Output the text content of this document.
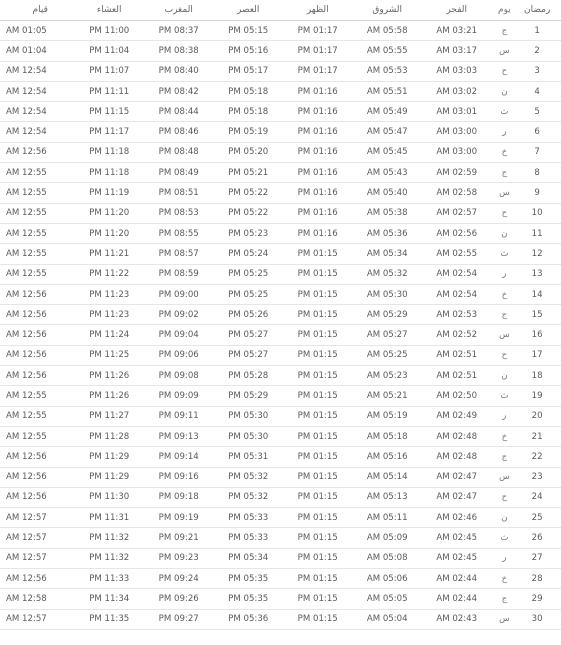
رمضان
يوم
الفجر
الشروق
الظهر
العصر
المغرب
العشاء
قيام
1
ج
AM 03:21
AM 05:58
PM 01:17
PM 05:15
PM 08:37
PM 11:00
AM 01:05
2
س
AM 03:17
AM 05:55
PM 01:17
PM 05:16
PM 08:38
PM 11:04
AM 01:04
3
ح
AM 03:03
AM 05:53
PM 01:17
PM 05:17
PM 08:40
PM 11:07
AM 12:54
4
ن
AM 03:02
AM 05:51
PM 01:16
PM 05:18
PM 08:42
PM 11:11
AM 12:54
5
ث
AM 03:01
AM 05:49
PM 01:16
PM 05:18
PM 08:44
PM 11:15
AM 12:54
6
ر
AM 03:00
AM 05:47
PM 01:16
PM 05:19
PM 08:46
PM 11:17
AM 12:54
7
خ
AM 03:00
AM 05:45
PM 01:16
PM 05:20
PM 08:48
PM 11:18
AM 12:56
8
ج
AM 02:59
AM 05:43
PM 01:16
PM 05:21
PM 08:49
PM 11:18
AM 12:55
9
س
AM 02:58
AM 05:40
PM 01:16
PM 05:22
PM 08:51
PM 11:19
AM 12:55
10
ح
AM 02:57
AM 05:38
PM 01:16
PM 05:22
PM 08:53
PM 11:20
AM 12:55
11
ن
AM 02:56
AM 05:36
PM 01:16
PM 05:23
PM 08:55
PM 11:20
AM 12:55
12
ث
AM 02:55
AM 05:34
PM 01:15
PM 05:24
PM 08:57
PM 11:21
AM 12:55
13
ر
AM 02:54
AM 05:32
PM 01:15
PM 05:25
PM 08:59
PM 11:22
AM 12:55
14
خ
AM 02:54
AM 05:30
PM 01:15
PM 05:25
PM 09:00
PM 11:23
AM 12:56
15
ج
AM 02:53
AM 05:29
PM 01:15
PM 05:26
PM 09:02
PM 11:23
AM 12:56
16
س
AM 02:52
AM 05:27
PM 01:15
PM 05:27
PM 09:04
PM 11:24
AM 12:56
17
ح
AM 02:51
AM 05:25
PM 01:15
PM 05:27
PM 09:06
PM 11:25
AM 12:56
18
ن
AM 02:51
AM 05:23
PM 01:15
PM 05:28
PM 09:08
PM 11:26
AM 12:56
19
ث
AM 02:50
AM 05:21
PM 01:15
PM 05:29
PM 09:09
PM 11:26
AM 12:55
20
ر
AM 02:49
AM 05:19
PM 01:15
PM 05:30
PM 09:11
PM 11:27
AM 12:55
21
خ
AM 02:48
AM 05:18
PM 01:15
PM 05:30
PM 09:13
PM 11:28
AM 12:55
22
ج
AM 02:48
AM 05:16
PM 01:15
PM 05:31
PM 09:14
PM 11:29
AM 12:56
23
س
AM 02:47
AM 05:14
PM 01:15
PM 05:32
PM 09:16
PM 11:29
AM 12:56
24
ح
AM 02:47
AM 05:13
PM 01:15
PM 05:32
PM 09:18
PM 11:30
AM 12:56
25
ن
AM 02:46
AM 05:11
PM 01:15
PM 05:33
PM 09:19
PM 11:31
AM 12:57
26
ث
AM 02:45
AM 05:09
PM 01:15
PM 05:33
PM 09:21
PM 11:32
AM 12:57
27
ر
AM 02:45
AM 05:08
PM 01:15
PM 05:34
PM 09:23
PM 11:32
AM 12:57
28
خ
AM 02:44
AM 05:06
PM 01:15
PM 05:35
PM 09:24
PM 11:33
AM 12:56
29
ج
AM 02:44
AM 05:05
PM 01:15
PM 05:35
PM 09:26
PM 11:34
AM 12:58
30
س
AM 02:43
AM 05:04
PM 01:15
PM 05:36
PM 09:27
PM 11:35
AM 12:57
